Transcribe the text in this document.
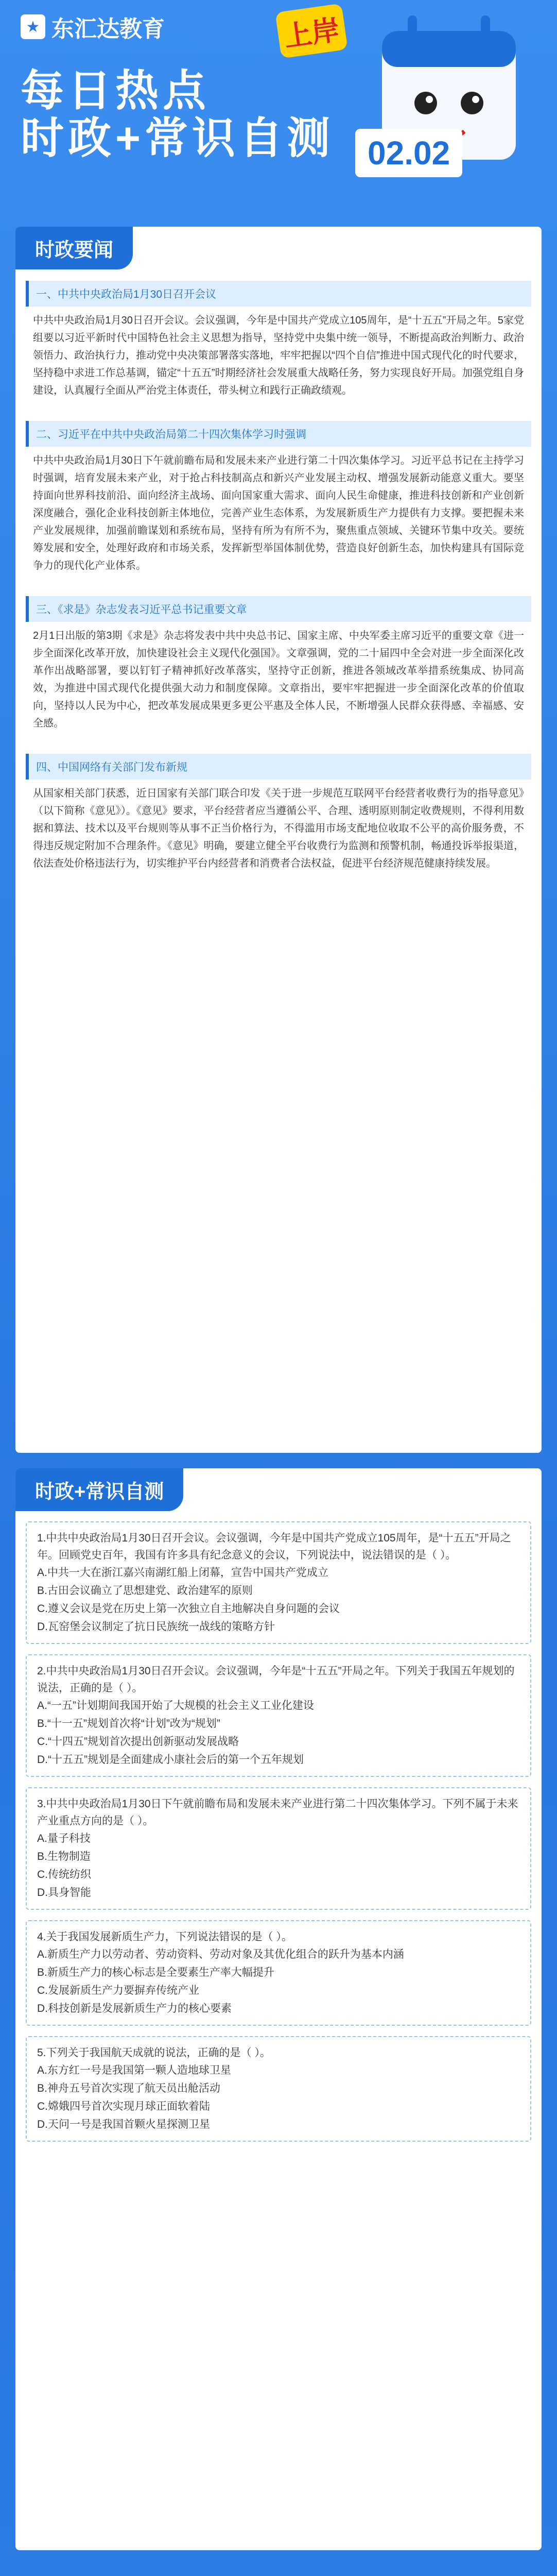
★ 东汇达教育	上岸
每日热点
时政+常识自测	02.02
时政要闻
一、中共中央政治局1月30日召开会议
中共中央政治局1月30日召开会议。会议强调，今年是中国共产党成立105周年，是“十五五”开局之年。5家党组要以习近平新时代中国特色社会主义思想为指导，坚持党中央集中统一领导，不断提高政治判断力、政治领悟力、政治执行力，推动党中央决策部署落实落地，牢牢把握以“四个自信”推进中国式现代化的时代要求，坚持稳中求进工作总基调，锚定“十五五”时期经济社会发展重大战略任务，努力实现良好开局。加强党组自身建设，认真履行全面从严治党主体责任，带头树立和践行正确政绩观。
二、习近平在中共中央政治局第二十四次集体学习时强调
中共中央政治局1月30日下午就前瞻布局和发展未来产业进行第二十四次集体学习。习近平总书记在主持学习时强调，培育发展未来产业，对于抢占科技制高点和新兴产业发展主动权、增强发展新动能意义重大。要坚持面向世界科技前沿、面向经济主战场、面向国家重大需求、面向人民生命健康，推进科技创新和产业创新深度融合，强化企业科技创新主体地位，完善产业生态体系，为发展新质生产力提供有力支撑。要把握未来产业发展规律，加强前瞻谋划和系统布局，坚持有所为有所不为，聚焦重点领域、关键环节集中攻关。要统筹发展和安全，处理好政府和市场关系，发挥新型举国体制优势，营造良好创新生态，加快构建具有国际竞争力的现代化产业体系。
三、《求是》杂志发表习近平总书记重要文章
2月1日出版的第3期《求是》杂志将发表中共中央总书记、国家主席、中央军委主席习近平的重要文章《进一步全面深化改革开放，加快建设社会主义现代化强国》。文章强调，党的二十届四中全会对进一步全面深化改革作出战略部署，要以钉钉子精神抓好改革落实，坚持守正创新，推进各领域改革举措系统集成、协同高效，为推进中国式现代化提供强大动力和制度保障。文章指出，要牢牢把握进一步全面深化改革的价值取向，坚持以人民为中心，把改革发展成果更多更公平惠及全体人民，不断增强人民群众获得感、幸福感、安全感。
四、中国网络有关部门发布新规
从国家相关部门获悉，近日国家有关部门联合印发《关于进一步规范互联网平台经营者收费行为的指导意见》（以下简称《意见》）。《意见》要求，平台经营者应当遵循公平、合理、透明原则制定收费规则，不得利用数据和算法、技术以及平台规则等从事不正当价格行为，不得滥用市场支配地位收取不公平的高价服务费，不得违反规定附加不合理条件。《意见》明确，要建立健全平台收费行为监测和预警机制，畅通投诉举报渠道，依法查处价格违法行为，切实维护平台内经营者和消费者合法权益，促进平台经济规范健康持续发展。
时政+常识自测
1.中共中央政治局1月30日召开会议。会议强调，今年是中国共产党成立105周年，是“十五五”开局之年。回顾党史百年，我国有许多具有纪念意义的会议，下列说法中，说法错误的是（ ）。
A.中共一大在浙江嘉兴南湖红船上闭幕，宣告中国共产党成立
B.古田会议确立了思想建党、政治建军的原则
C.遵义会议是党在历史上第一次独立自主地解决自身问题的会议
D.瓦窑堡会议制定了抗日民族统一战线的策略方针
2.中共中央政治局1月30日召开会议。会议强调，今年是“十五五”开局之年。下列关于我国五年规划的说法，正确的是（ ）。
A.“一五”计划期间我国开始了大规模的社会主义工业化建设
B.“十一五”规划首次将“计划”改为“规划”
C.“十四五”规划首次提出创新驱动发展战略
D.“十五五”规划是全面建成小康社会后的第一个五年规划
3.中共中央政治局1月30日下午就前瞻布局和发展未来产业进行第二十四次集体学习。下列不属于未来产业重点方向的是（ ）。
A.量子科技
B.生物制造
C.传统纺织
D.具身智能
4.关于我国发展新质生产力，下列说法错误的是（ ）。
A.新质生产力以劳动者、劳动资料、劳动对象及其优化组合的跃升为基本内涵
B.新质生产力的核心标志是全要素生产率大幅提升
C.发展新质生产力要摒弃传统产业
D.科技创新是发展新质生产力的核心要素
5.下列关于我国航天成就的说法，正确的是（ ）。
A.东方红一号是我国第一颗人造地球卫星
B.神舟五号首次实现了航天员出舱活动
C.嫦娥四号首次实现月球正面软着陆
D.天问一号是我国首颗火星探测卫星
